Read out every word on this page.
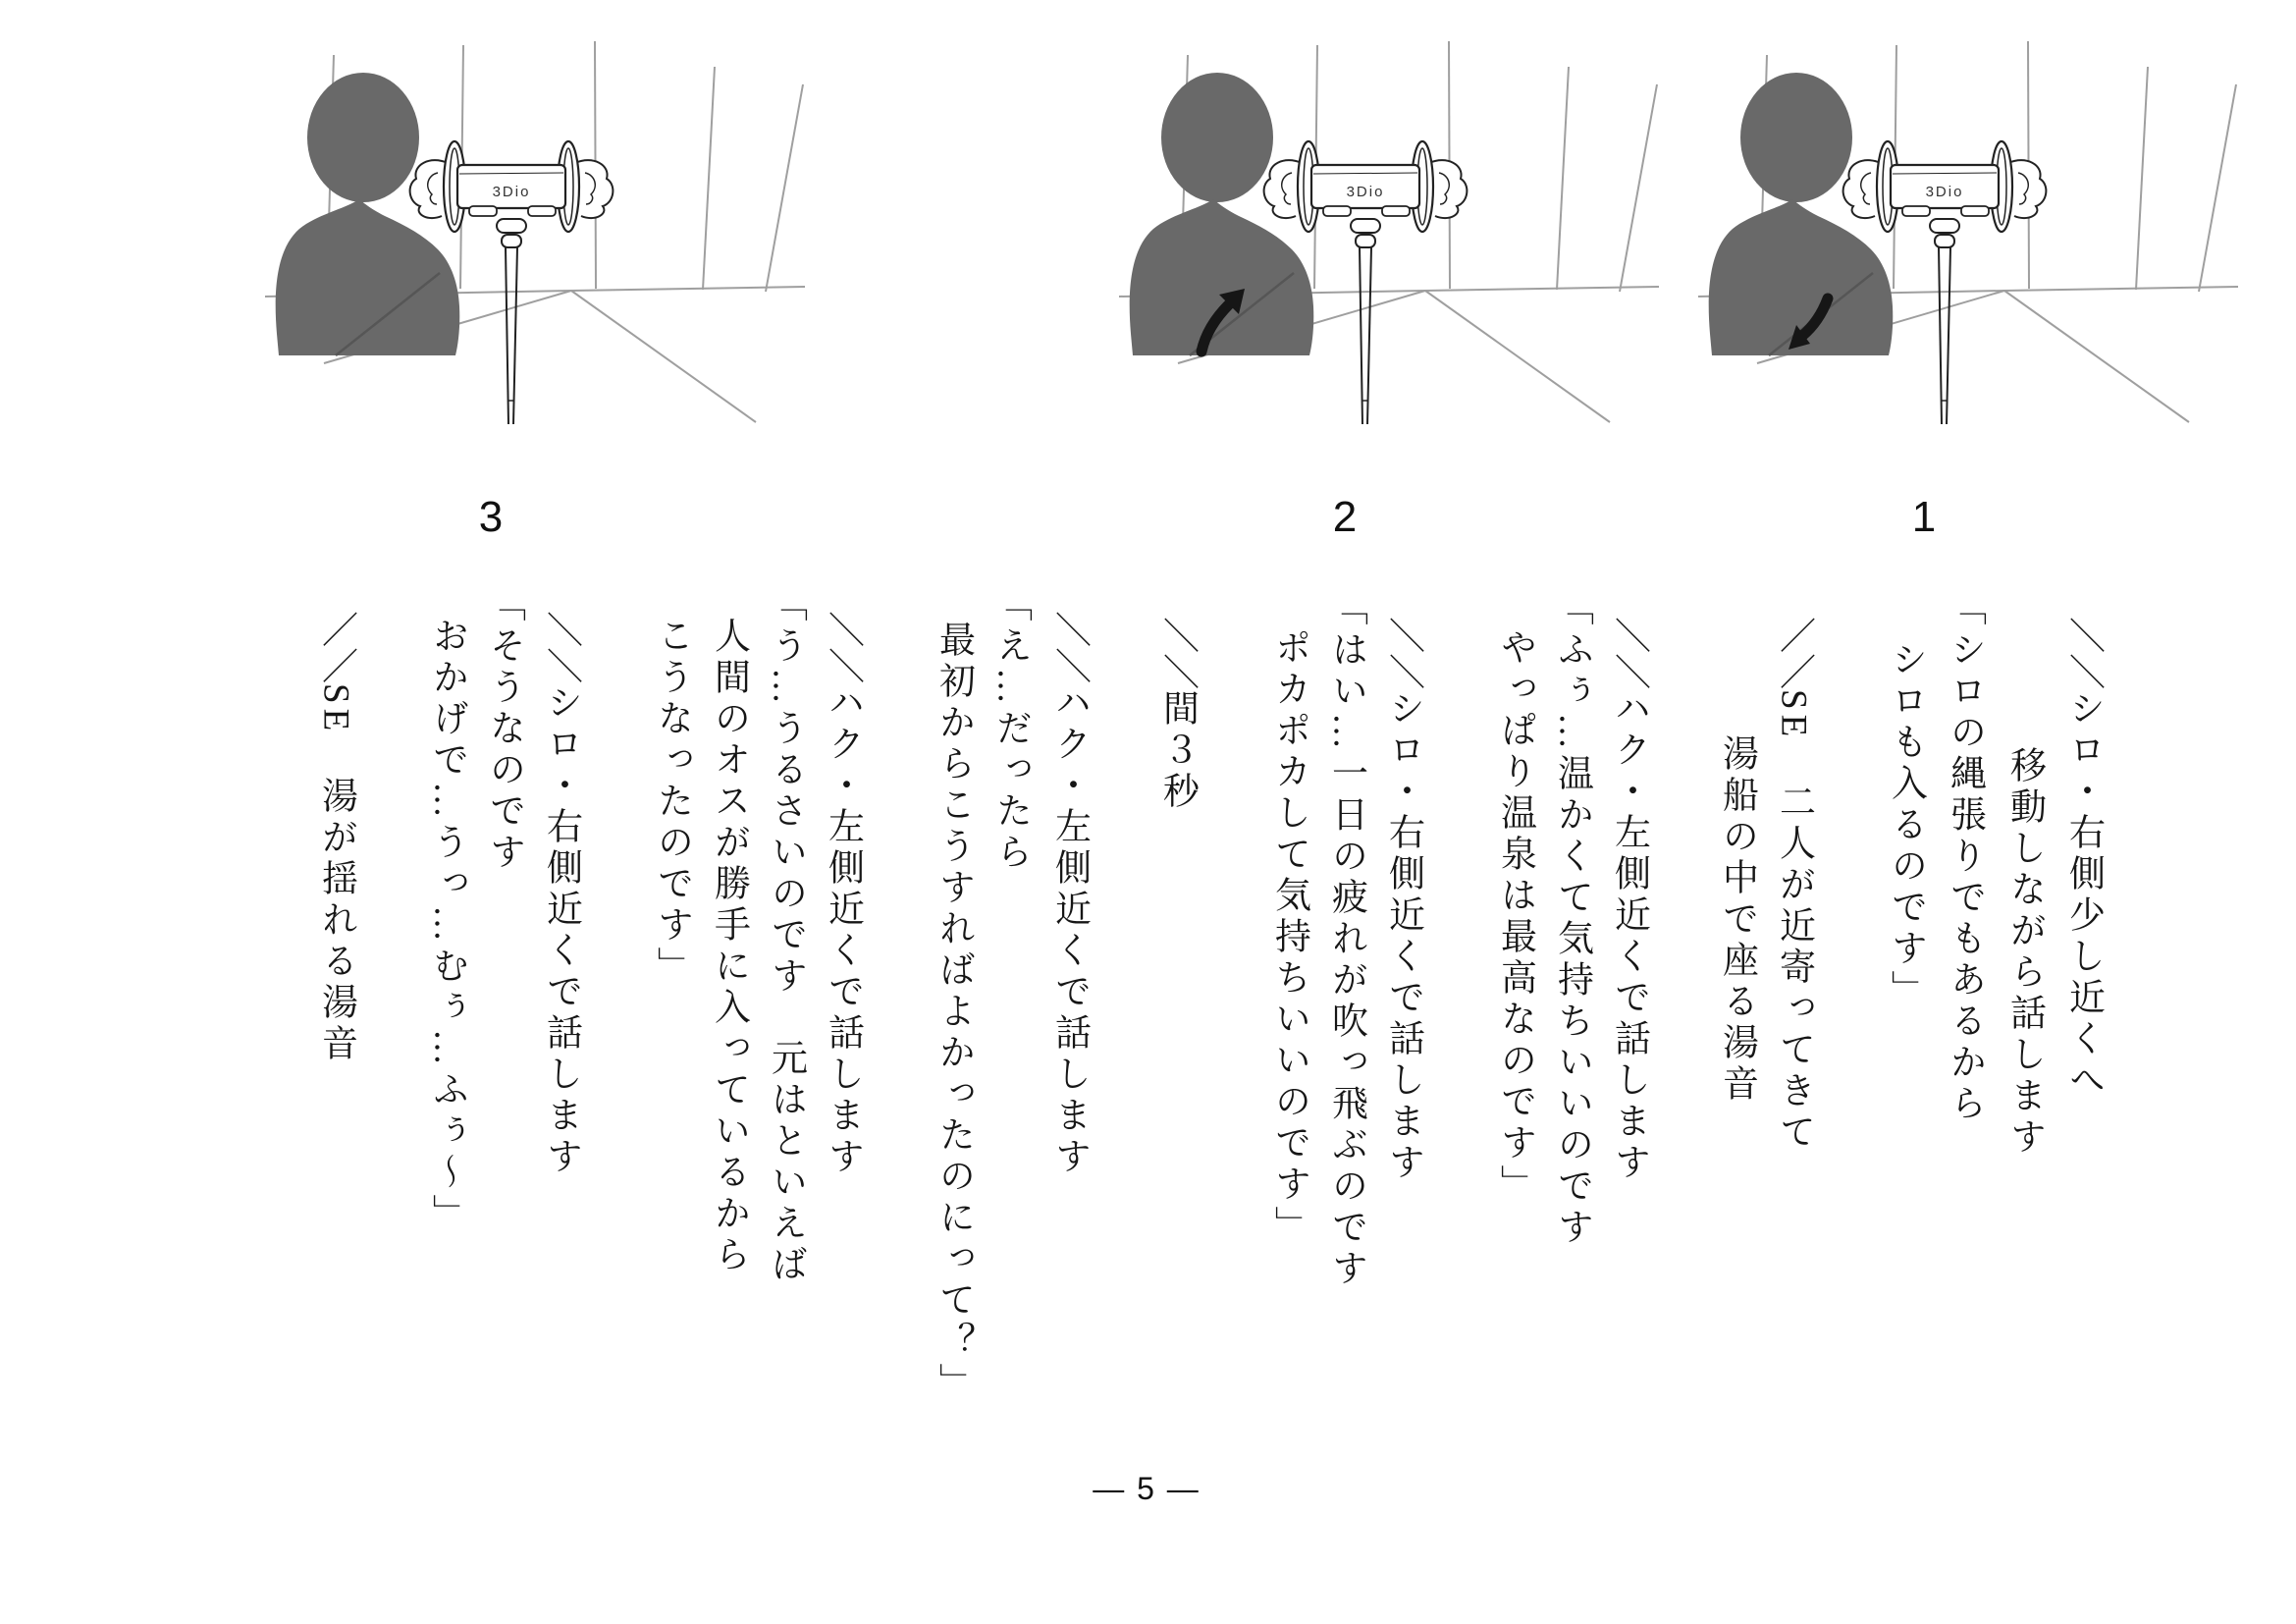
3Dio
3
3Dio
2
3Dio
1
＼＼シロ・右側少し近くへ
移動しながら話します
「シロの縄張りでもあるから
シロも入るのです」
／／SE　二人が近寄ってきて
湯船の中で座る湯音
＼＼ハク・左側近くで話します
「ふぅ…温かくて気持ちいいのです
やっぱり温泉は最高なのです」
＼＼シロ・右側近くで話します
「はい…一日の疲れが吹っ飛ぶのです
ポカポカして気持ちいいのです」
＼＼間３秒
＼＼ハク・左側近くで話します
「え…だったら
最初からこうすればよかったのにって？」
＼＼ハク・左側近くで話します
「う…うるさいのです　元はといえば
人間のオスが勝手に入っているから
こうなったのです」
＼＼シロ・右側近くで話します
「そうなのです
おかげで…うっ…むぅ…ふぅ～」
／／SE　湯が揺れる湯音
— 5 —
